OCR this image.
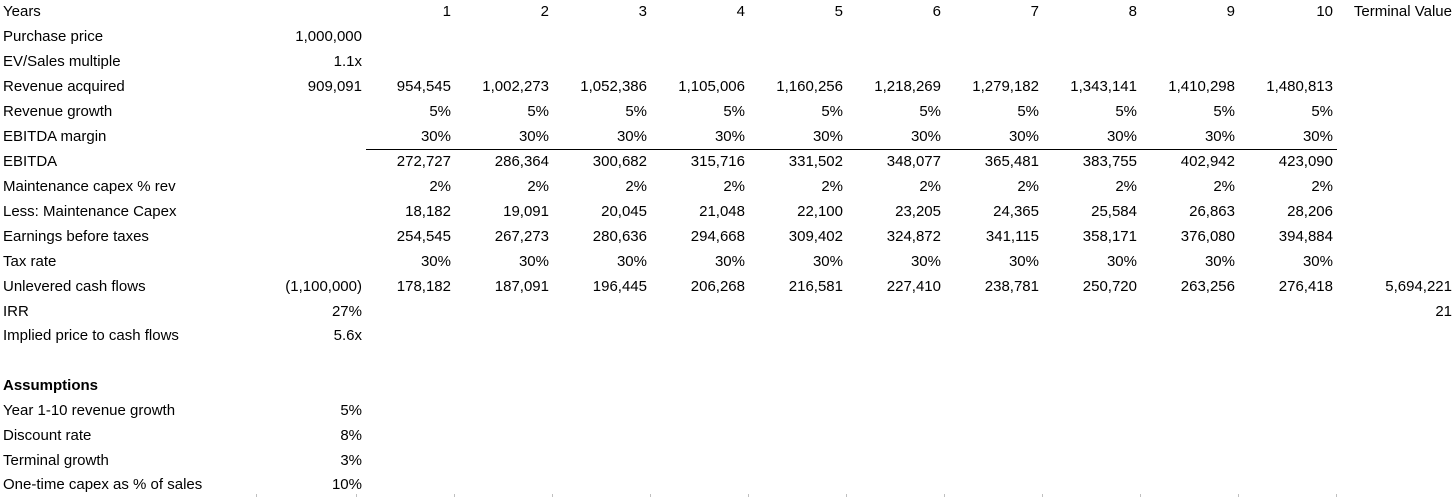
Years		1	2	3	4	5	6	7	8	9	10	Terminal Value
Purchase price	1,000,000											
EV/Sales multiple	1.1x											
Revenue acquired	909,091	954,545	1,002,273	1,052,386	1,105,006	1,160,256	1,218,269	1,279,182	1,343,141	1,410,298	1,480,813	
Revenue growth		5%	5%	5%	5%	5%	5%	5%	5%	5%	5%	
EBITDA margin		30%	30%	30%	30%	30%	30%	30%	30%	30%	30%	
EBITDA		272,727	286,364	300,682	315,716	331,502	348,077	365,481	383,755	402,942	423,090	
Maintenance capex % rev		2%	2%	2%	2%	2%	2%	2%	2%	2%	2%	
Less: Maintenance Capex		18,182	19,091	20,045	21,048	22,100	23,205	24,365	25,584	26,863	28,206	
Earnings before taxes		254,545	267,273	280,636	294,668	309,402	324,872	341,115	358,171	376,080	394,884	
Tax rate		30%	30%	30%	30%	30%	30%	30%	30%	30%	30%	
Unlevered cash flows	(1,100,000)	178,182	187,091	196,445	206,268	216,581	227,410	238,781	250,720	263,256	276,418	5,694,221
IRR	27%											21
Implied price to cash flows	5.6x											

Assumptions												
Year 1-10 revenue growth	5%											
Discount rate	8%											
Terminal growth	3%											
One-time capex as % of sales	10%											
